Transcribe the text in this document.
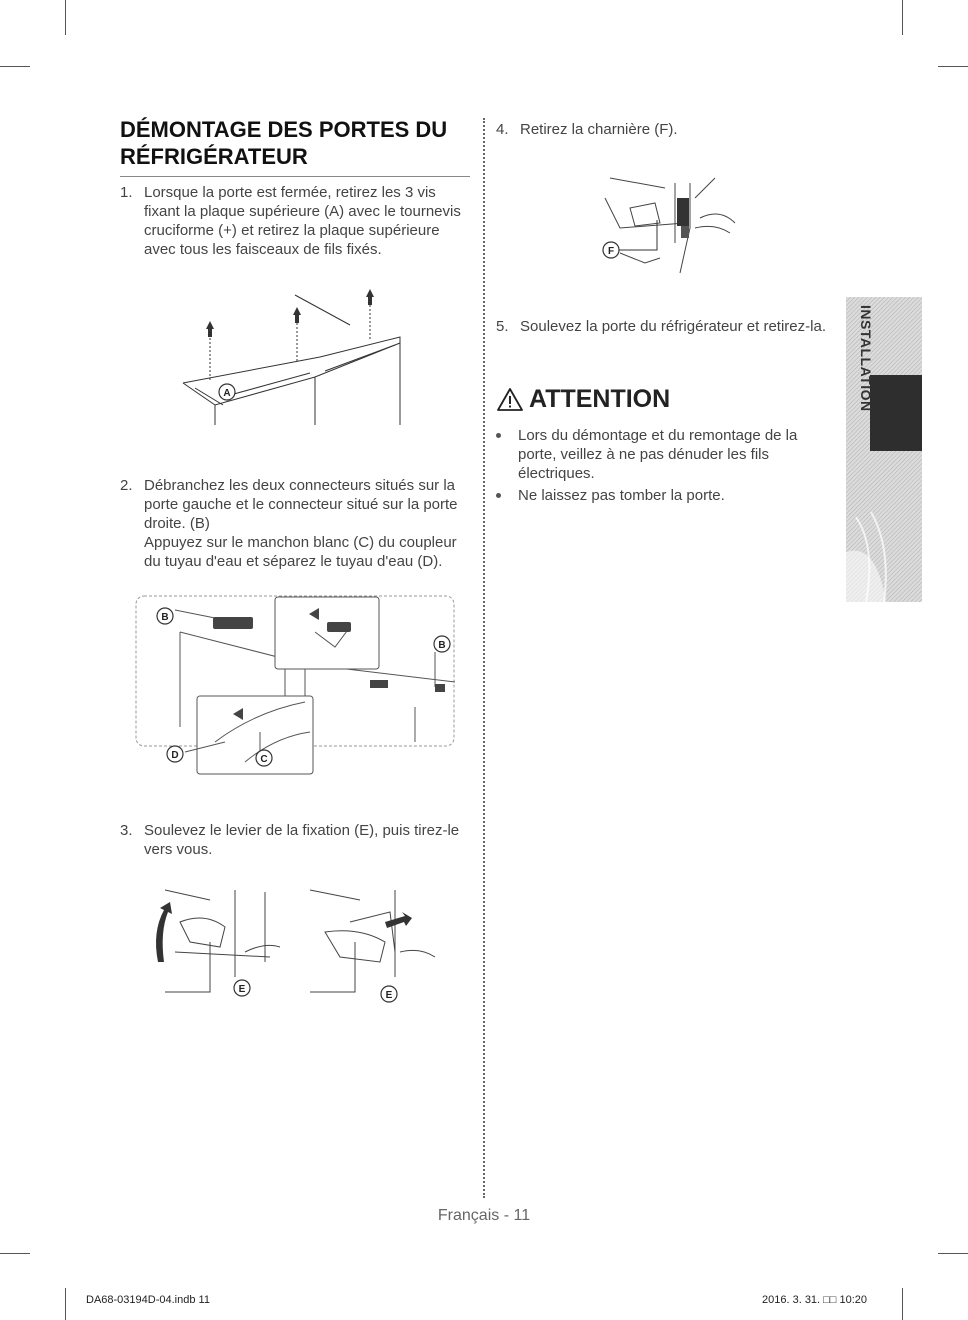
DÉMONTAGE DES PORTES DU
RÉFRIGÉRATEUR
1. Lorsque la porte est fermée, retirez les 3 vis fixant la plaque supérieure (A) avec le tournevis cruciforme (+) et retirez la plaque supérieure avec tous les faisceaux de fils fixés.
A
2. Débranchez les deux connecteurs situés sur la porte gauche et le connecteur situé sur la porte droite. (B)
Appuyez sur le manchon blanc (C) du coupleur du tuyau d'eau et séparez le tuyau d'eau (D).
B
B
D	C
3. Soulevez le levier de la fixation (E), puis tirez-le vers vous.
E
E
4. Retirez la charnière (F).
F
5. Soulevez la porte du réfrigérateur et retirez-la.
ATTENTION
Lors du démontage et du remontage de la porte, veillez à ne pas dénuder les fils électriques.
Ne laissez pas tomber la porte.
INSTALLATION
Français - 11
DA68-03194D-04.indb 11	2016. 3. 31. □□ 10:20
